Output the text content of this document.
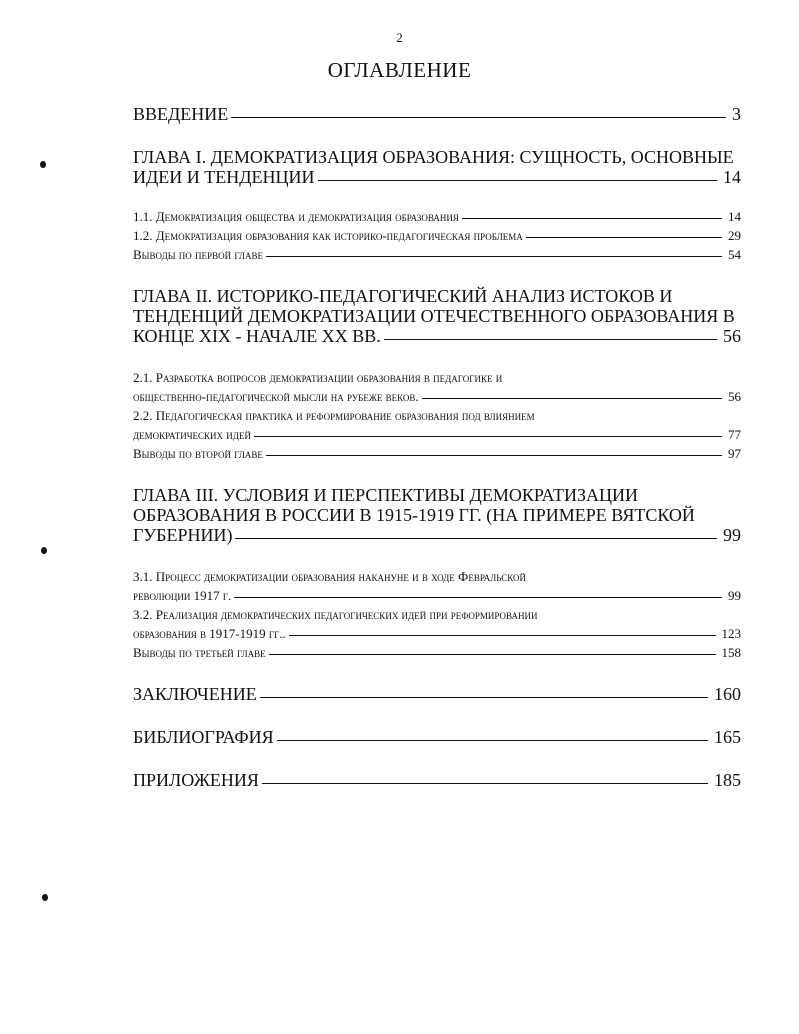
2
ОГЛАВЛЕНИЕ
ВВЕДЕНИЕ	3
ГЛАВА I. ДЕМОКРАТИЗАЦИЯ ОБРАЗОВАНИЯ: СУЩНОСТЬ, ОСНОВНЫЕ
ИДЕИ И ТЕНДЕНЦИИ	14
1.1. Демократизация общества и демократизация образования	14
1.2. Демократизация образования как историко-педагогическая проблема	29
Выводы по первой главе	54
ГЛАВА II. ИСТОРИКО-ПЕДАГОГИЧЕСКИЙ АНАЛИЗ ИСТОКОВ И
ТЕНДЕНЦИЙ ДЕМОКРАТИЗАЦИИ ОТЕЧЕСТВЕННОГО ОБРАЗОВАНИЯ В
КОНЦЕ XIX - НАЧАЛЕ XX ВВ.	56
2.1. Разработка вопросов демократизации образования в педагогике и
общественно-педагогической мысли на рубеже веков.	56
2.2. Педагогическая практика и реформирование образования под влиянием
демократических идей	77
Выводы по второй главе	97
ГЛАВА III. УСЛОВИЯ И ПЕРСПЕКТИВЫ ДЕМОКРАТИЗАЦИИ
ОБРАЗОВАНИЯ В РОССИИ В 1915-1919 ГГ. (НА ПРИМЕРЕ ВЯТСКОЙ
ГУБЕРНИИ)	99
3.1. Процесс демократизации образования накануне и в ходе Февральской
революции 1917 г.	99
3.2. Реализация демократических педагогических идей при реформировании
образования в 1917-1919 гг..	123
Выводы по третьей главе	158
ЗАКЛЮЧЕНИЕ	160
БИБЛИОГРАФИЯ	165
ПРИЛОЖЕНИЯ	185
